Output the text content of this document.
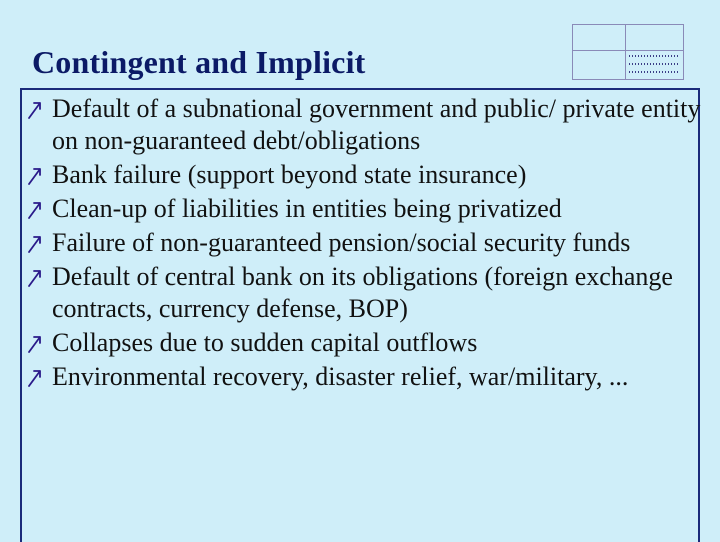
Contingent and Implicit
Default of a subnational government and public/ private entity on non-guaranteed debt/obligations
Bank failure (support beyond state insurance)
Clean-up of liabilities in entities being privatized
Failure of non-guaranteed pension/social security funds
Default of central bank on its obligations (foreign exchange contracts, currency defense, BOP)
Collapses due to sudden capital outflows
Environmental recovery, disaster relief, war/military, ...
